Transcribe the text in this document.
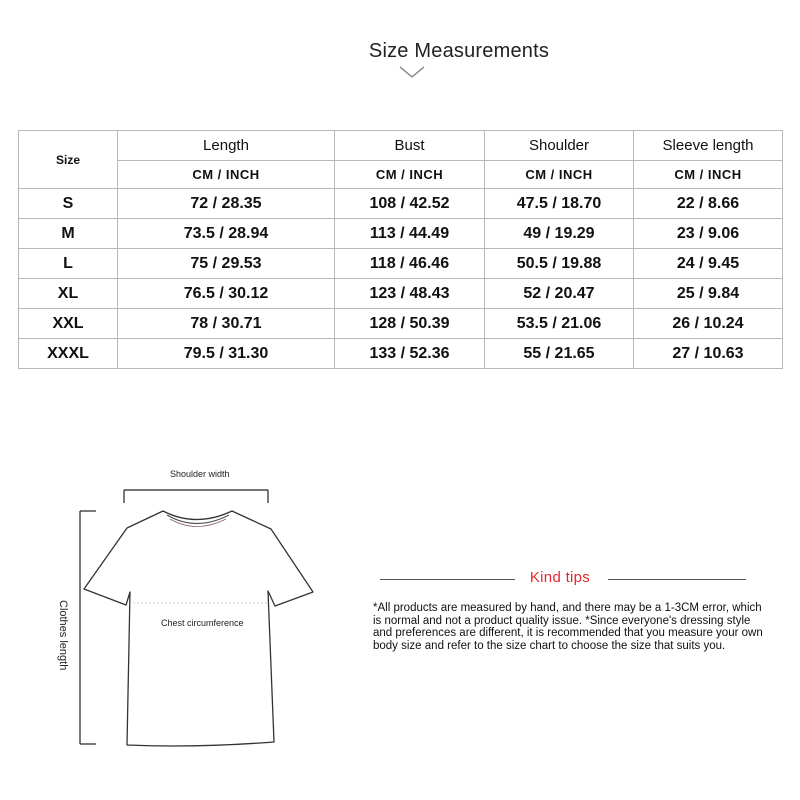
Size Measurements
Size	Length	Bust	Shoulder	Sleeve length
	CM / INCH	CM / INCH	CM / INCH	CM / INCH
S	72 / 28.35	108 / 42.52	47.5 / 18.70	22 / 8.66
M	73.5 / 28.94	113 / 44.49	49 / 19.29	23 / 9.06
L	75 / 29.53	118 / 46.46	50.5 / 19.88	24 / 9.45
XL	76.5 / 30.12	123 / 48.43	52 / 20.47	25 / 9.84
XXL	78 / 30.71	128 / 50.39	53.5 / 21.06	26 / 10.24
XXXL	79.5 / 31.30	133 / 52.36	55 / 21.65	27 / 10.63
Shoulder width
Chest circumference
Clothes length
Kind tips
*All products are measured by hand, and there may be a 1-3CM error, which is normal and not a product quality issue. *Since everyone's dressing style and preferences are different, it is recommended that you measure your own body size and refer to the size chart to choose the size that suits you.
